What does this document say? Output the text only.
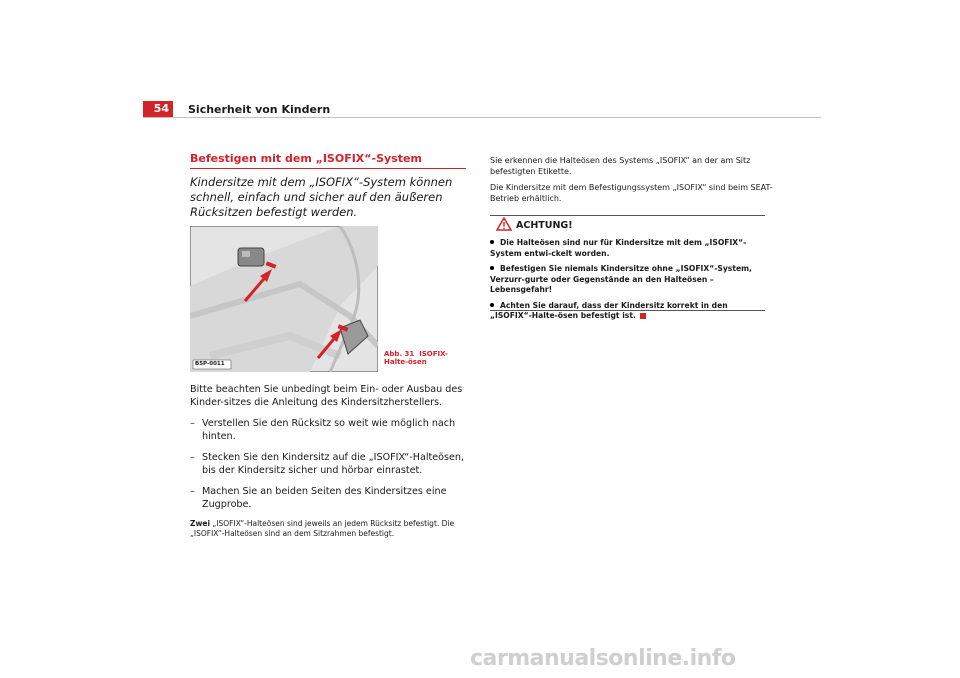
54	Sicherheit von Kindern
Befestigen mit dem „ISOFIX“-System

Kindersitze mit dem „ISOFIX“-System können schnell, einfach und sicher auf den äußeren Rücksitzen befestigt werden.

B5P-0011
Abb. 31 ISOFIX-Halte-ösen

Bitte beachten Sie unbedingt beim Ein- oder Ausbau des Kinder-sitzes die Anleitung des Kindersitzherstellers.

– Verstellen Sie den Rücksitz so weit wie möglich nach hinten.
– Stecken Sie den Kindersitz auf die „ISOFIX“-Halteösen, bis der Kindersitz sicher und hörbar einrastet.
– Machen Sie an beiden Seiten des Kindersitzes eine Zugprobe.
Zwei „ISOFIX“-Halteösen sind jeweils an jedem Rücksitz befestigt. Die „ISOFIX“-Halteösen sind an dem Sitzrahmen befestigt.

Sie erkennen die Halteösen des Systems „ISOFIX“ an der am Sitz befestigten Etikette.

Die Kindersitze mit dem Befestigungssystem „ISOFIX“ sind beim SEAT-Betrieb erhältlich.

ACHTUNG!
Die Halteösen sind nur für Kindersitze mit dem „ISOFIX“-System entwi-ckelt worden.
Befestigen Sie niemals Kindersitze ohne „ISOFIX“-System, Verzurr-gurte oder Gegenstände an den Halteösen – Lebensgefahr!
Achten Sie darauf, dass der Kindersitz korrekt in den „ISOFIX“-Halte-ösen befestigt ist.
carmanualsonline.info
